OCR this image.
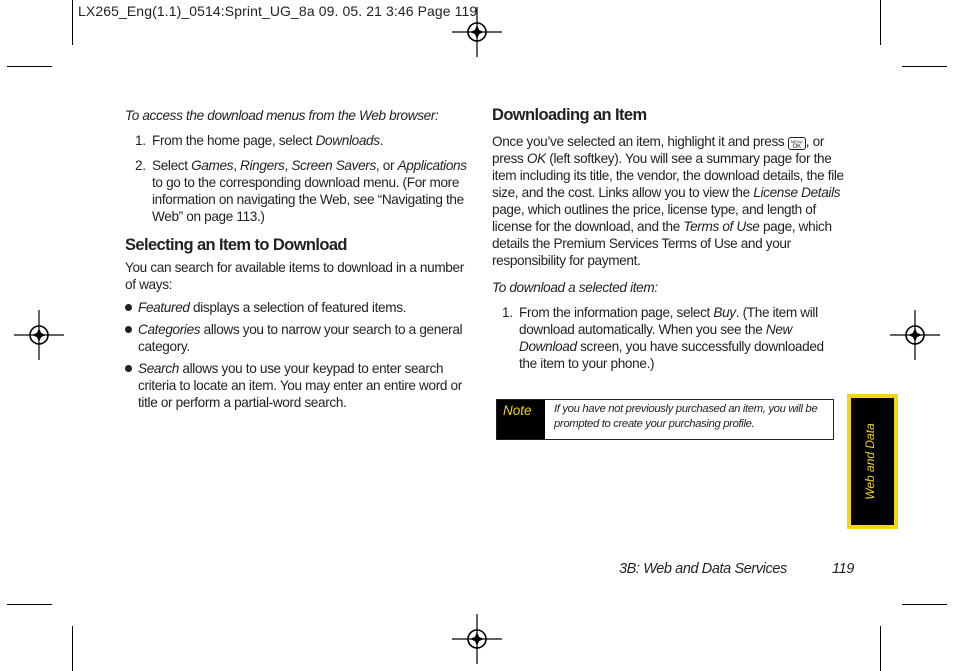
LX265_Eng(1.1)_0514:Sprint_UG_8a 09. 05. 21 3:46 Page 119

To access the download menus from the Web browser:

1. From the home page, select Downloads.
2. Select Games, Ringers, Screen Savers, or Applications to go to the corresponding download menu. (For more information on navigating the Web, see “Navigating the Web” on page 113.)
Selecting an Item to Download

You can search for available items to download in a number of ways:

Featured displays a selection of featured items.
Categories allows you to narrow your search to a general category.
Search allows you to use your keypad to enter search criteria to locate an item. You may enter an entire word or title or perform a partial-word search.
Downloading an Item

Once you’ve selected an item, highlight it and press MENU
OK , or press OK (left softkey). You will see a summary page for the item including its title, the vendor, the download details, the file size, and the cost. Links allow you to view the License Details page, which outlines the price, license type, and length of license for the download, and the Terms of Use page, which details the Premium Services Terms of Use and your responsibility for payment.

To download a selected item:

1. From the information page, select Buy. (The item will download automatically. When you see the New Download screen, you have successfully downloaded the item to your phone.)
Note	If you have not previously purchased an item, you will be prompted to create your purchasing profile.	Web and Data
3B: Web and Data Services	119
